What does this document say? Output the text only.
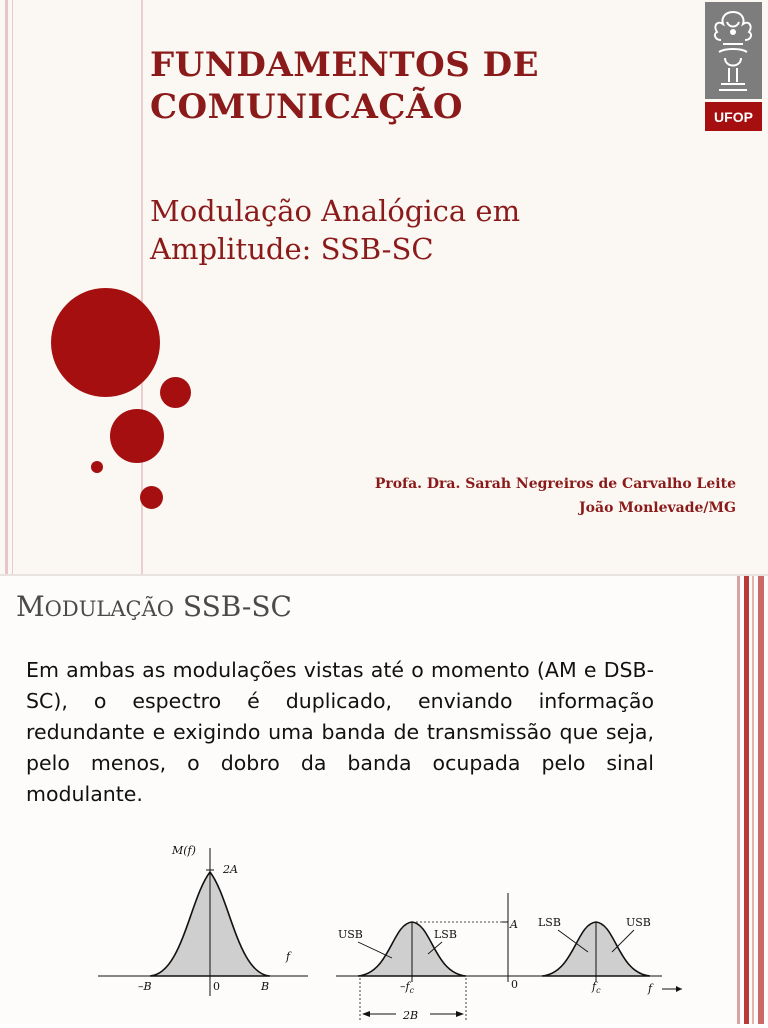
FUNDAMENTOS DE
COMUNICAÇÃO
Modulação Analógica em
Amplitude: SSB-SC
Profa. Dra. Sarah Negreiros de Carvalho Leite
João Monlevade/MG
UFOP
MODULAÇÃO SSB-SC

Em ambas as modulações vistas até o momento (AM e DSB-SC), o espectro é duplicado, enviando informação redundante e exigindo uma banda de transmissão que seja, pelo menos, o dobro da banda ocupada pelo sinal modulante.

M(f)
2A
f
–B	0	B
A
USB	LSB
LSB	USB
$-f_c$	0	$f_c$	f
2B
